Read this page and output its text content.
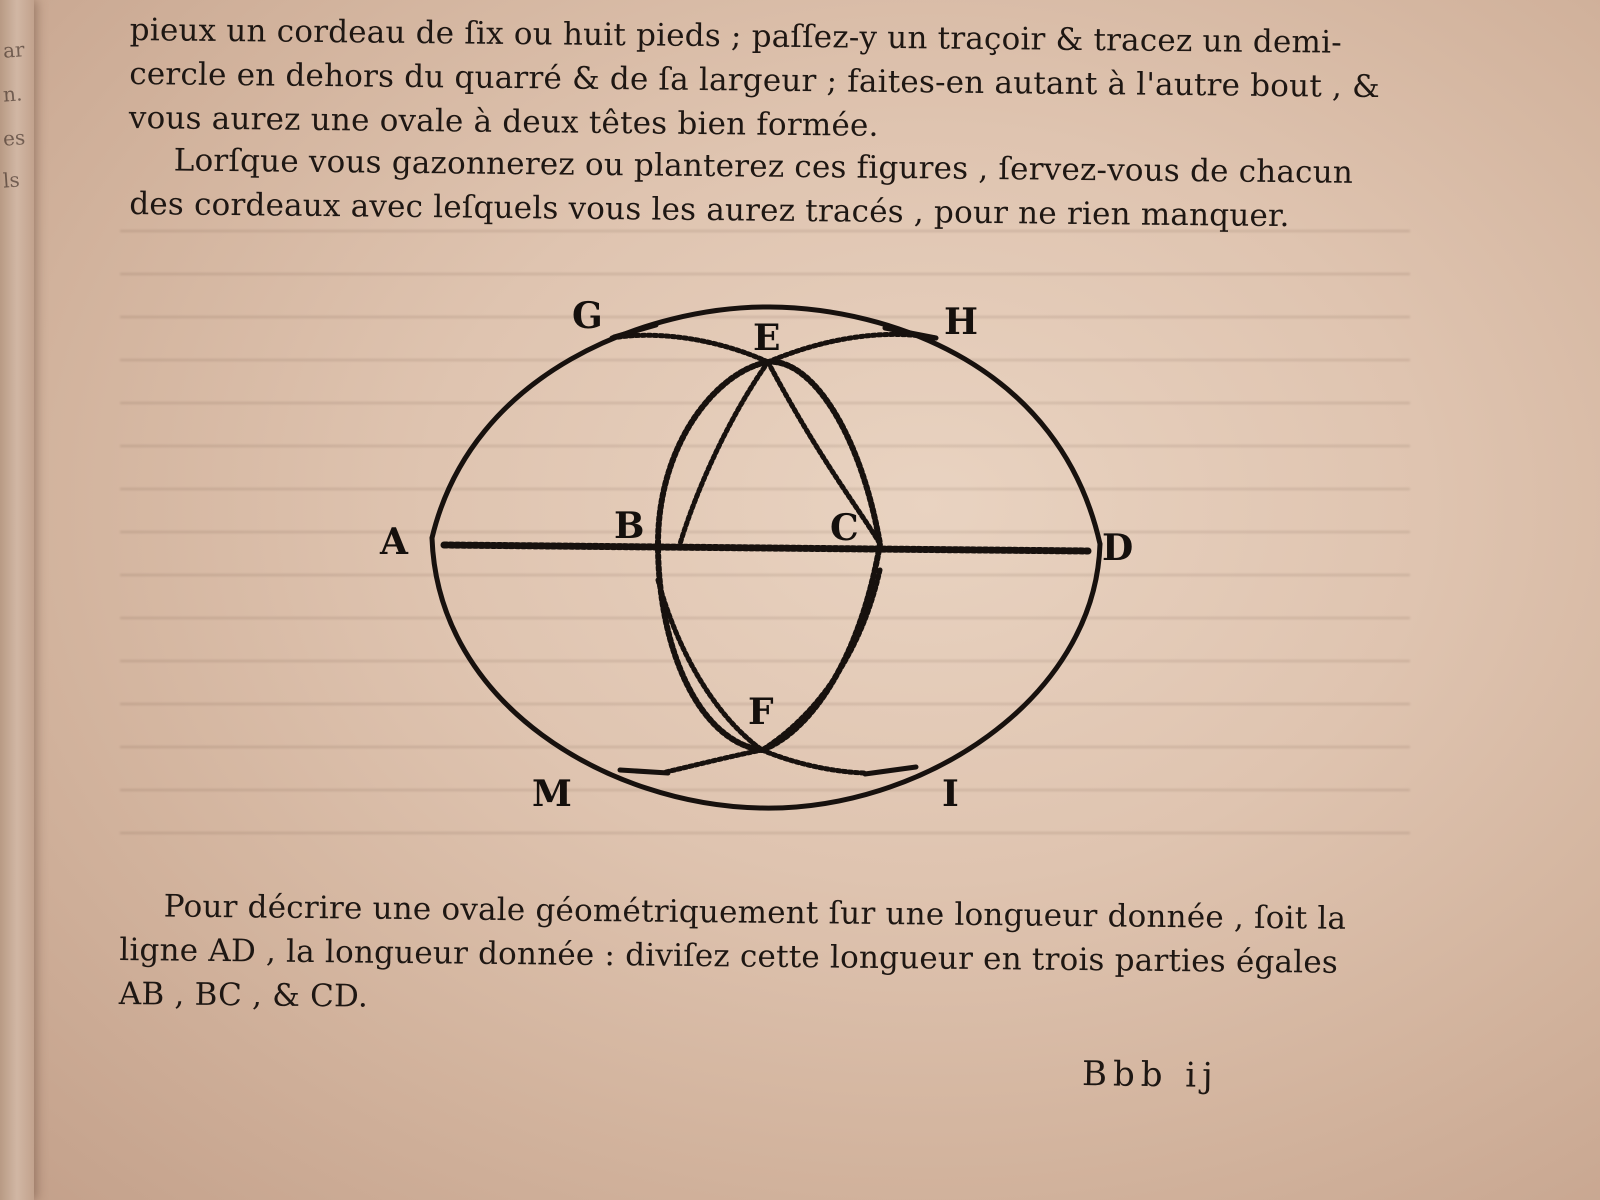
ar
n.
es
ls
pieux un cordeau de ſix ou huit pieds ; paſſez-y un traçoir & tracez un demi-
cercle en dehors du quarré & de ſa largeur ; faites-en autant à l'autre bout , &
vous aurez une ovale à deux têtes bien formée.
Lorſque vous gazonnerez ou planterez ces figures , ſervez-vous de chacun
des cordeaux avec leſquels vous les aurez tracés , pour ne rien manquer.
G
E	H
A	B	C	D
F
M	I
Pour décrire une ovale géométriquement ſur une longueur donnée , ſoit la
ligne AD , la longueur donnée : diviſez cette longueur en trois parties égales
AB , BC , & CD.
Bbb ij
